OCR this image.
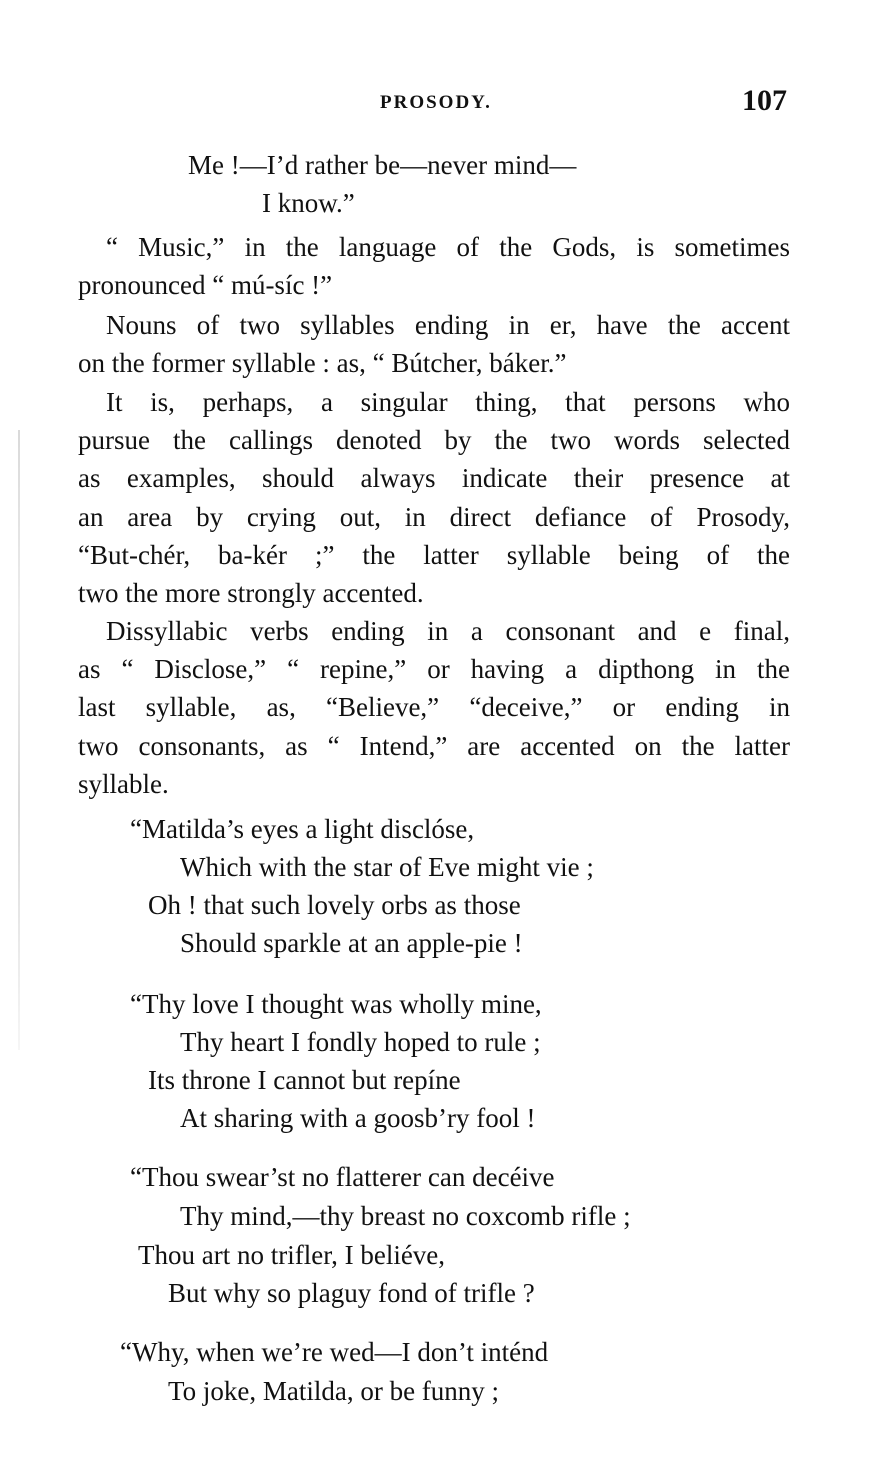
PROSODY.	107
Me !—I’d rather be—never mind—
I know.”
“ Music,” in the language of the Gods, is sometimes
pronounced “ mú-síc !”
Nouns of two syllables ending in er, have the accent
on the former syllable : as, “ Bútcher, báker.”
It is, perhaps, a singular thing, that persons who
pursue the callings denoted by the two words selected
as examples, should always indicate their presence at
an area by crying out, in direct defiance of Prosody,
“But-chér, ba-kér ;” the latter syllable being of the
two the more strongly accented.
Dissyllabic verbs ending in a consonant and e final,
as “ Disclose,” “ repine,” or having a dipthong in the
last syllable, as, “Believe,” “deceive,” or ending in
two consonants, as “ Intend,” are accented on the latter
syllable.
“Matilda’s eyes a light disclóse,
Which with the star of Eve might vie ;
Oh ! that such lovely orbs as those
Should sparkle at an apple-pie !
“Thy love I thought was wholly mine,
Thy heart I fondly hoped to rule ;
Its throne I cannot but repíne
At sharing with a goosb’ry fool !
“Thou swear’st no flatterer can decéive
Thy mind,—thy breast no coxcomb rifle ;
Thou art no trifler, I beliéve,
But why so plaguy fond of trifle ?
“Why, when we’re wed—I don’t inténd
To joke, Matilda, or be funny ;
